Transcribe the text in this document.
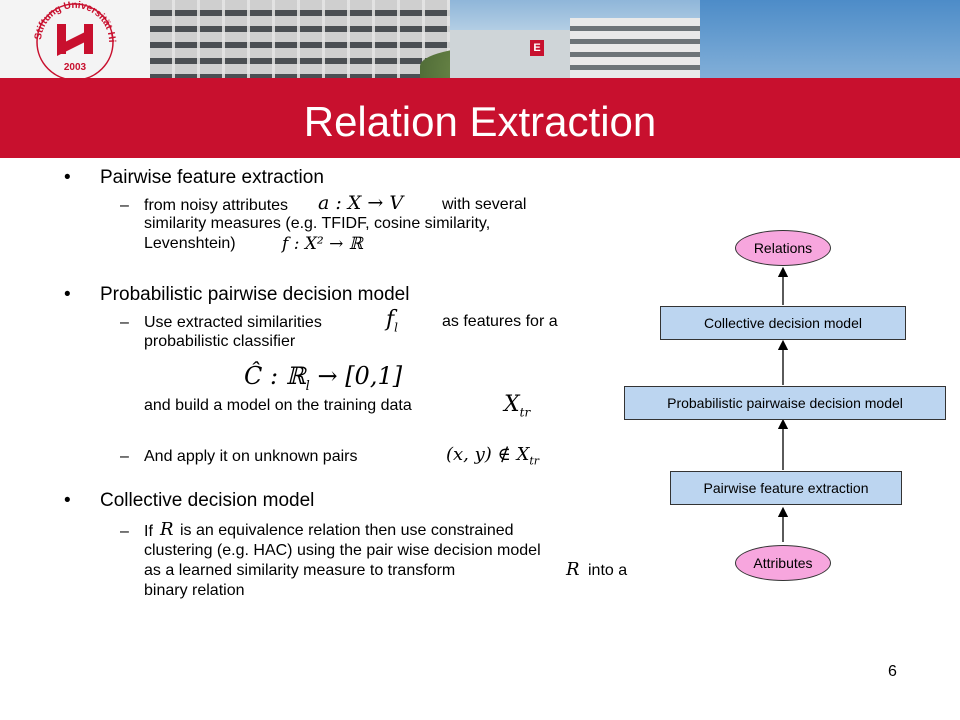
E
Stiftung Universität Hi
2003
Relation Extraction
• Pairwise feature extraction
– from noisy attributes a : X → V with several
similarity measures (e.g. TFIDF, cosine similarity,
Levenshtein)	f : X² → ℝ
• Probabilistic pairwise decision model
– Use extracted similarities	$f_l$	as features for a
probabilistic classifier
Ĉ : ℝ$_l$ → [0,1]
and build a model on the training data	$X_{tr}$
– And apply it on unknown pairs	(x, y) ∉ $X_{tr}$
• Collective decision model
– If R is an equivalence relation then use constrained
clustering (e.g. HAC) using the pair wise decision model
as a learned similarity measure to transform	R into a
binary relation
Relations
Collective decision model
Probabilistic pairwaise decision model
Pairwise feature extraction
Attributes
6
